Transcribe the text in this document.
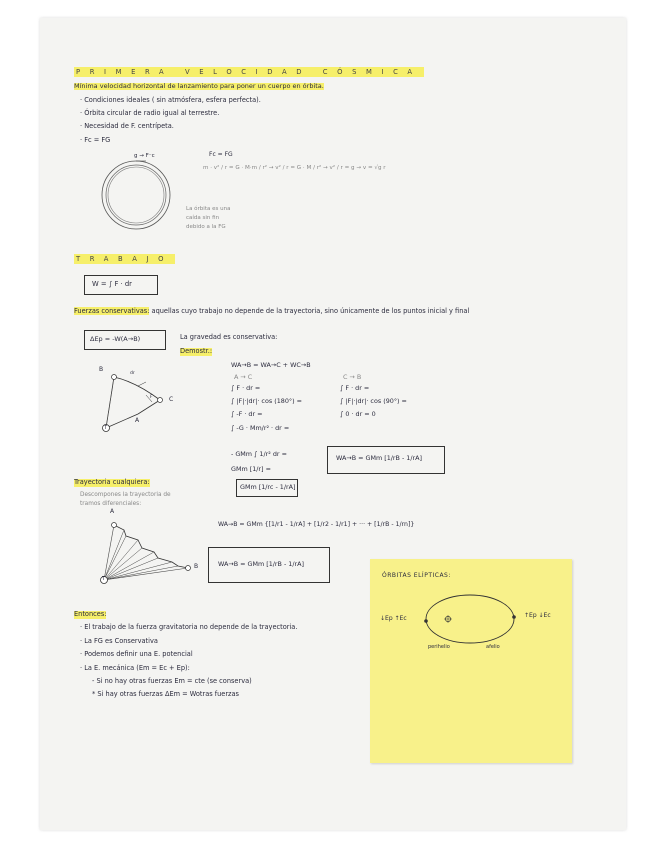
PRIMERA VELOCIDAD CÓSMICA
Mínima velocidad horizontal de lanzamiento para poner un cuerpo en órbita.
· Condiciones ideales ( sin atmósfera, esfera perfecta).
· Órbita circular de radio igual al terrestre.
· Necesidad de F. centrípeta.
· Fc = FG
g → F⁻c
La órbita es una
caída sin fin
debido a la FG
Fc = FG
m · v² / r = G · M·m / r² → v² / r = G · M / r² → v² / r = g → v = √g r
TRABAJO
W = ∫ F · dr
Fuerzas conservativas: aquellas cuyo trabajo no depende de la trayectoria, sino únicamente de los puntos inicial y final
ΔEp = -W(A→B)	La gravedad es conservativa:
Demostr.:
B
C
A
T
dr
F
WA→B = WA→C + WC→B
A → C
∫ F · dr =
∫ |F|·|dr|· cos (180°) =
∫ -F · dr =
∫ -G · Mm/r² · dr =
- GMm ∫ 1/r² dr =
GMm [1/r] =
GMm [1/rc - 1/rA]
C → B
∫ F · dr =
∫ |F|·|dr|· cos (90°) =
∫ 0 · dr = 0
WA→B = GMm [1/rB - 1/rA]
Trayectoria cualquiera:
Descompones la trayectoria de
tramos diferenciales:
A
B
T
WA→B = GMm {[1/r1 - 1/rA] + [1/r2 - 1/r1] + ··· + [1/rB - 1/rn]}
WA→B = GMm [1/rB - 1/rA]
Entonces:
· El trabajo de la fuerza gravitatoria no depende de la trayectoria.
· La FG es Conservativa
· Podemos definir una E. potencial
· La E. mecánica (Em = Ec + Ep):
- Si no hay otras fuerzas Em = cte (se conserva)
* Si hay otras fuerzas ΔEm = Wotras fuerzas
ÓRBITAS ELÍPTICAS:
↓Ep ↑Ec	↑Ep ↓Ec
perihelio	afelio
